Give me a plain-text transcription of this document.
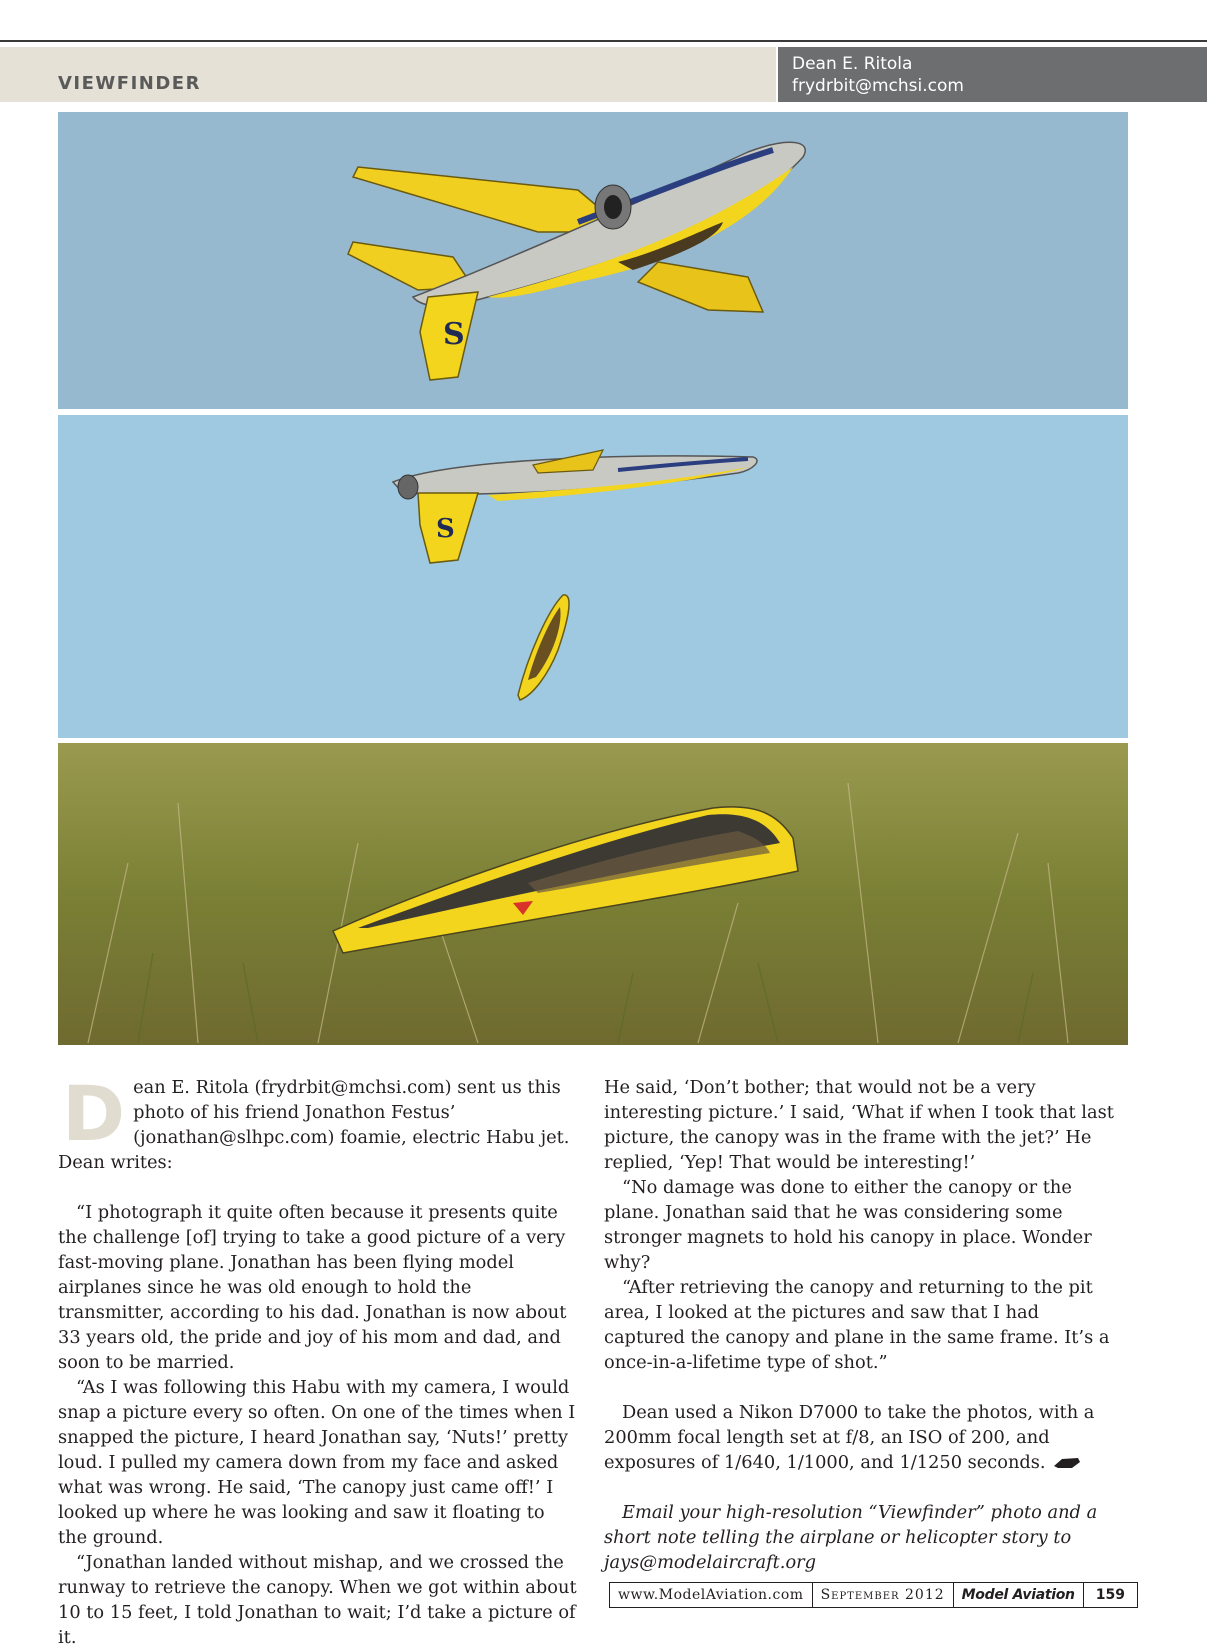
VIEWFINDER
Dean E. Ritola
frydrbit@mchsi.com
S
S

Dean E. Ritola (frydrbit@mchsi.com) sent us this photo of his friend Jonathon Festus’ (jonathan@slhpc.com) foamie, electric Habu jet. Dean writes:

“I photograph it quite often because it presents quite the challenge [of] trying to take a good picture of a very fast-moving plane. Jonathan has been flying model airplanes since he was old enough to hold the transmitter, according to his dad. Jonathan is now about 33 years old, the pride and joy of his mom and dad, and soon to be married.

“As I was following this Habu with my camera, I would snap a picture every so often. On one of the times when I snapped the picture, I heard Jonathan say, ‘Nuts!’ pretty loud. I pulled my camera down from my face and asked what was wrong. He said, ‘The canopy just came off!’ I looked up where he was looking and saw it floating to the ground.

“Jonathan landed without mishap, and we crossed the runway to retrieve the canopy. When we got within about 10 to 15 feet, I told Jonathan to wait; I’d take a picture of it.

He said, ‘Don’t bother; that would not be a very interesting picture.’ I said, ‘What if when I took that last picture, the canopy was in the frame with the jet?’ He replied, ‘Yep! That would be interesting!’

“No damage was done to either the canopy or the plane. Jonathan said that he was considering some stronger magnets to hold his canopy in place. Wonder why?

“After retrieving the canopy and returning to the pit area, I looked at the pictures and saw that I had captured the canopy and plane in the same frame. It’s a once-in-a-lifetime type of shot.”

Dean used a Nikon D7000 to take the photos, with a 200mm focal length set at f/8, an ISO of 200, and exposures of 1/640, 1/1000, and 1/1250 seconds.

Email your high-resolution “Viewfinder” photo and a short note telling the airplane or helicopter story to jays@modelaircraft.org

www.ModelAviation.com	September 2012	Model Aviation	159
